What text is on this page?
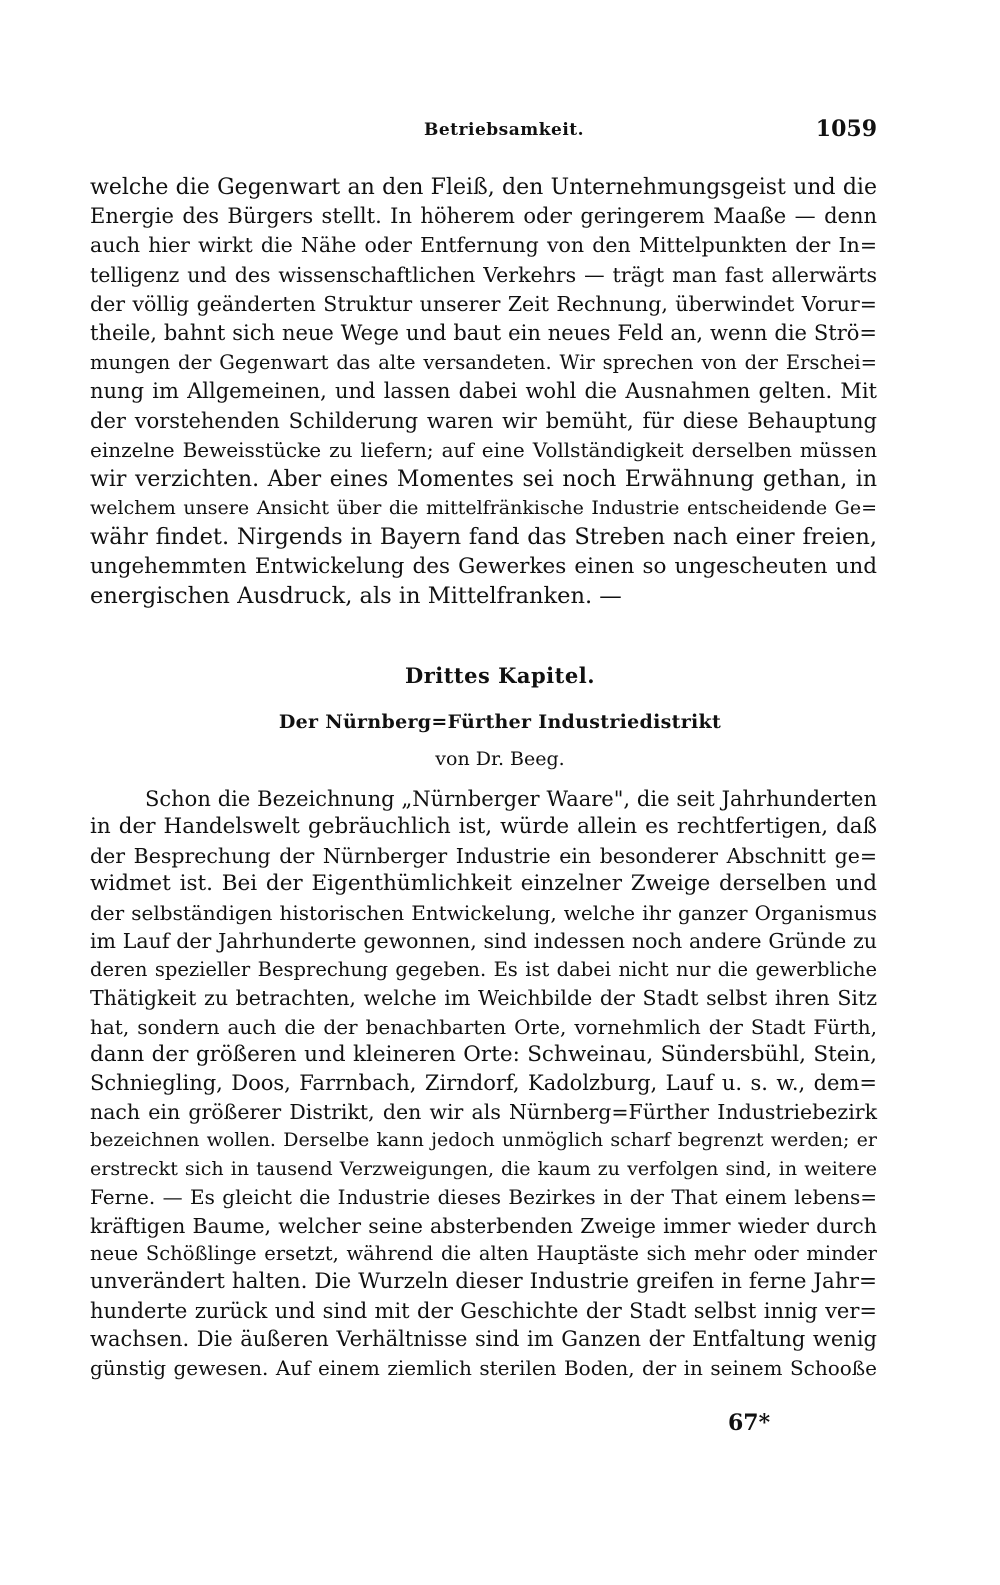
Betriebsamkeit.	1059
welche die Gegenwart an den Fleiß, den Unternehmungsgeist und die
Energie des Bürgers stellt. In höherem oder geringerem Maaße — denn
auch hier wirkt die Nähe oder Entfernung von den Mittelpunkten der In=
telligenz und des wissenschaftlichen Verkehrs — trägt man fast allerwärts
der völlig geänderten Struktur unserer Zeit Rechnung, überwindet Vorur=
theile, bahnt sich neue Wege und baut ein neues Feld an, wenn die Strö=
mungen der Gegenwart das alte versandeten. Wir sprechen von der Erschei=
nung im Allgemeinen, und lassen dabei wohl die Ausnahmen gelten. Mit
der vorstehenden Schilderung waren wir bemüht, für diese Behauptung
einzelne Beweisstücke zu liefern; auf eine Vollständigkeit derselben müssen
wir verzichten. Aber eines Momentes sei noch Erwähnung gethan, in
welchem unsere Ansicht über die mittelfränkische Industrie entscheidende Ge=
währ findet. Nirgends in Bayern fand das Streben nach einer freien,
ungehemmten Entwickelung des Gewerkes einen so ungescheuten und
energischen Ausdruck, als in Mittelfranken. —
Drittes Kapitel.
Der Nürnberg=Fürther Industriedistrikt
von Dr. Beeg.
Schon die Bezeichnung „Nürnberger Waare", die seit Jahrhunderten
in der Handelswelt gebräuchlich ist, würde allein es rechtfertigen, daß
der Besprechung der Nürnberger Industrie ein besonderer Abschnitt ge=
widmet ist. Bei der Eigenthümlichkeit einzelner Zweige derselben und
der selbständigen historischen Entwickelung, welche ihr ganzer Organismus
im Lauf der Jahrhunderte gewonnen, sind indessen noch andere Gründe zu
deren spezieller Besprechung gegeben. Es ist dabei nicht nur die gewerbliche
Thätigkeit zu betrachten, welche im Weichbilde der Stadt selbst ihren Sitz
hat, sondern auch die der benachbarten Orte, vornehmlich der Stadt Fürth,
dann der größeren und kleineren Orte: Schweinau, Sündersbühl, Stein,
Schniegling, Doos, Farrnbach, Zirndorf, Kadolzburg, Lauf u. s. w., dem=
nach ein größerer Distrikt, den wir als Nürnberg=Fürther Industriebezirk
bezeichnen wollen. Derselbe kann jedoch unmöglich scharf begrenzt werden; er
erstreckt sich in tausend Verzweigungen, die kaum zu verfolgen sind, in weitere
Ferne. — Es gleicht die Industrie dieses Bezirkes in der That einem lebens=
kräftigen Baume, welcher seine absterbenden Zweige immer wieder durch
neue Schößlinge ersetzt, während die alten Hauptäste sich mehr oder minder
unverändert halten. Die Wurzeln dieser Industrie greifen in ferne Jahr=
hunderte zurück und sind mit der Geschichte der Stadt selbst innig ver=
wachsen. Die äußeren Verhältnisse sind im Ganzen der Entfaltung wenig
günstig gewesen. Auf einem ziemlich sterilen Boden, der in seinem Schooße
67*
